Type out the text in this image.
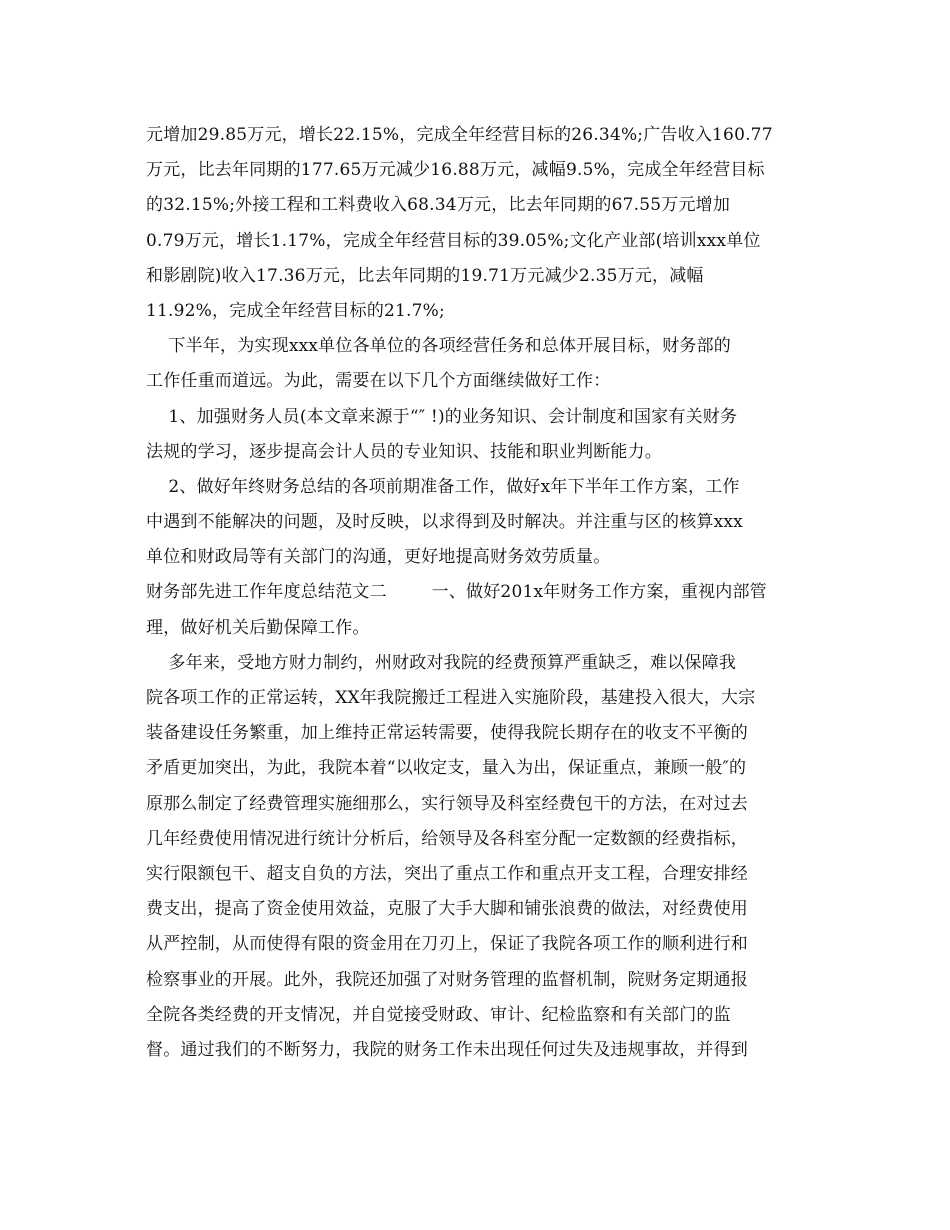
元增加29.85万元，增长22.15%，完成全年经营目标的26.34%;广告收入160.77
万元，比去年同期的177.65万元减少16.88万元，减幅9.5%，完成全年经营目标
的32.15%;外接工程和工料费收入68.34万元，比去年同期的67.55万元增加
0.79万元，增长1.17%，完成全年经营目标的39.05%;文化产业部(培训xxx单位
和影剧院)收入17.36万元，比去年同期的19.71万元减少2.35万元，减幅
11.92%，完成全年经营目标的21.7%;
下半年，为实现xxx单位各单位的各项经营任务和总体开展目标，财务部的
工作任重而道远。为此，需要在以下几个方面继续做好工作：
1、加强财务人员(本文章来源于“″ !)的业务知识、会计制度和国家有关财务
法规的学习，逐步提高会计人员的专业知识、技能和职业判断能力。
2、做好年终财务总结的各项前期准备工作，做好x年下半年工作方案，工作
中遇到不能解决的问题，及时反映，以求得到及时解决。并注重与区的核算xxx
单位和财政局等有关部门的沟通，更好地提高财务效劳质量。
财务部先进工作年度总结范文二        一、做好201x年财务工作方案，重视内部管
理，做好机关后勤保障工作。
多年来，受地方财力制约，州财政对我院的经费预算严重缺乏，难以保障我
院各项工作的正常运转，XX年我院搬迁工程进入实施阶段，基建投入很大，大宗
装备建设任务繁重，加上维持正常运转需要，使得我院长期存在的收支不平衡的
矛盾更加突出，为此，我院本着“以收定支，量入为出，保证重点，兼顾一般″的
原那么制定了经费管理实施细那么，实行领导及科室经费包干的方法，在对过去
几年经费使用情况进行统计分析后，给领导及各科室分配一定数额的经费指标，
实行限额包干、超支自负的方法，突出了重点工作和重点开支工程，合理安排经
费支出，提高了资金使用效益，克服了大手大脚和铺张浪费的做法，对经费使用
从严控制，从而使得有限的资金用在刀刃上，保证了我院各项工作的顺利进行和
检察事业的开展。此外，我院还加强了对财务管理的监督机制，院财务定期通报
全院各类经费的开支情况，并自觉接受财政、审计、纪检监察和有关部门的监
督。通过我们的不断努力，我院的财务工作未出现任何过失及违规事故，并得到
